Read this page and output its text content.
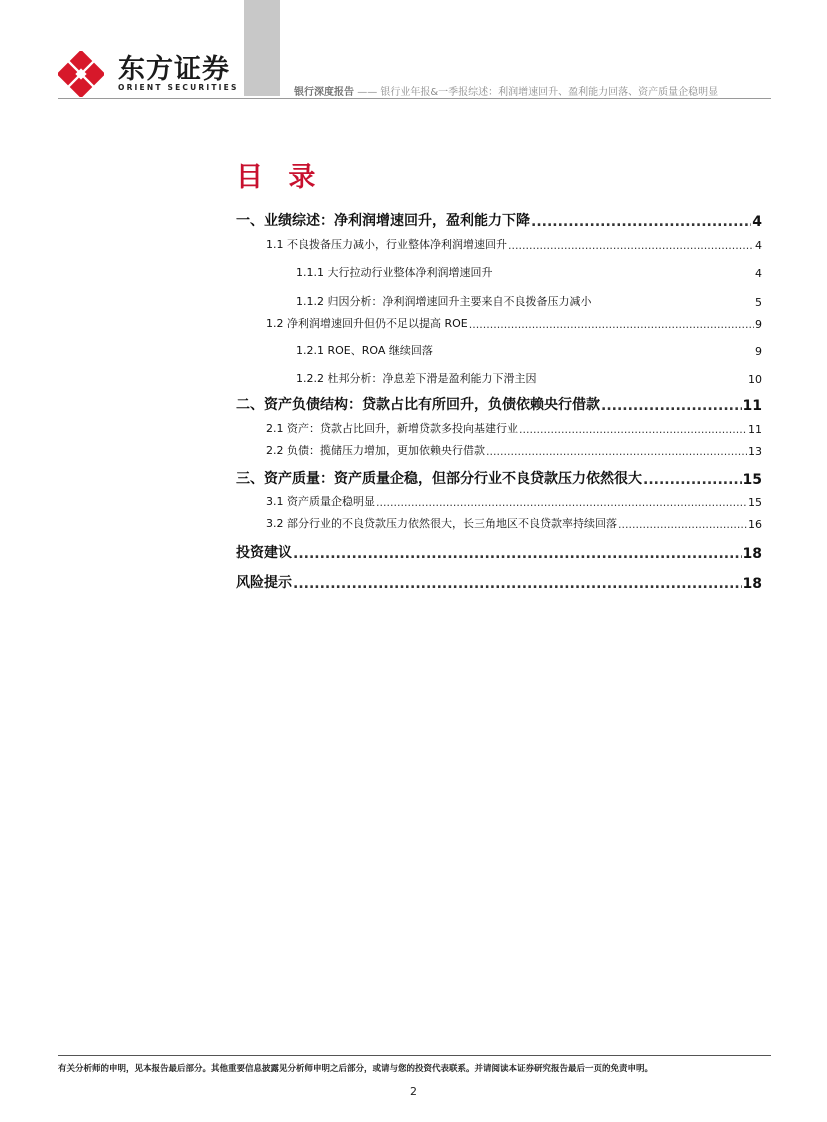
东方证券
ORIENT SECURITIES	银行深度报告 —— 银行业年报&一季报综述：利润增速回升、盈利能力回落、资产质量企稳明显
目 录
一、业绩综述：净利润增速回升，盈利能力下降 .....	4
1.1 不良拨备压力减小，行业整体净利润增速回升 .....	4
1.1.1 大行拉动行业整体净利润增速回升	4
1.1.2 归因分析：净利润增速回升主要来自不良拨备压力减小	5
1.2 净利润增速回升但仍不足以提高 ROE .....	9
1.2.1 ROE、ROA 继续回落	9
1.2.2 杜邦分析：净息差下滑是盈利能力下滑主因	10
二、资产负债结构：贷款占比有所回升，负债依赖央行借款 .....	11
2.1 资产：贷款占比回升，新增贷款多投向基建行业 .....	11
2.2 负债：揽储压力增加，更加依赖央行借款 .....	13
三、资产质量：资产质量企稳，但部分行业不良贷款压力依然很大 .....	15
3.1 资产质量企稳明显 .....	15
3.2 部分行业的不良贷款压力依然很大，长三角地区不良贷款率持续回落 .....	16
投资建议 .....	18
风险提示 .....	18
有关分析师的申明，见本报告最后部分。其他重要信息披露见分析师申明之后部分，或请与您的投资代表联系。并请阅读本证券研究报告最后一页的免责申明。
2
